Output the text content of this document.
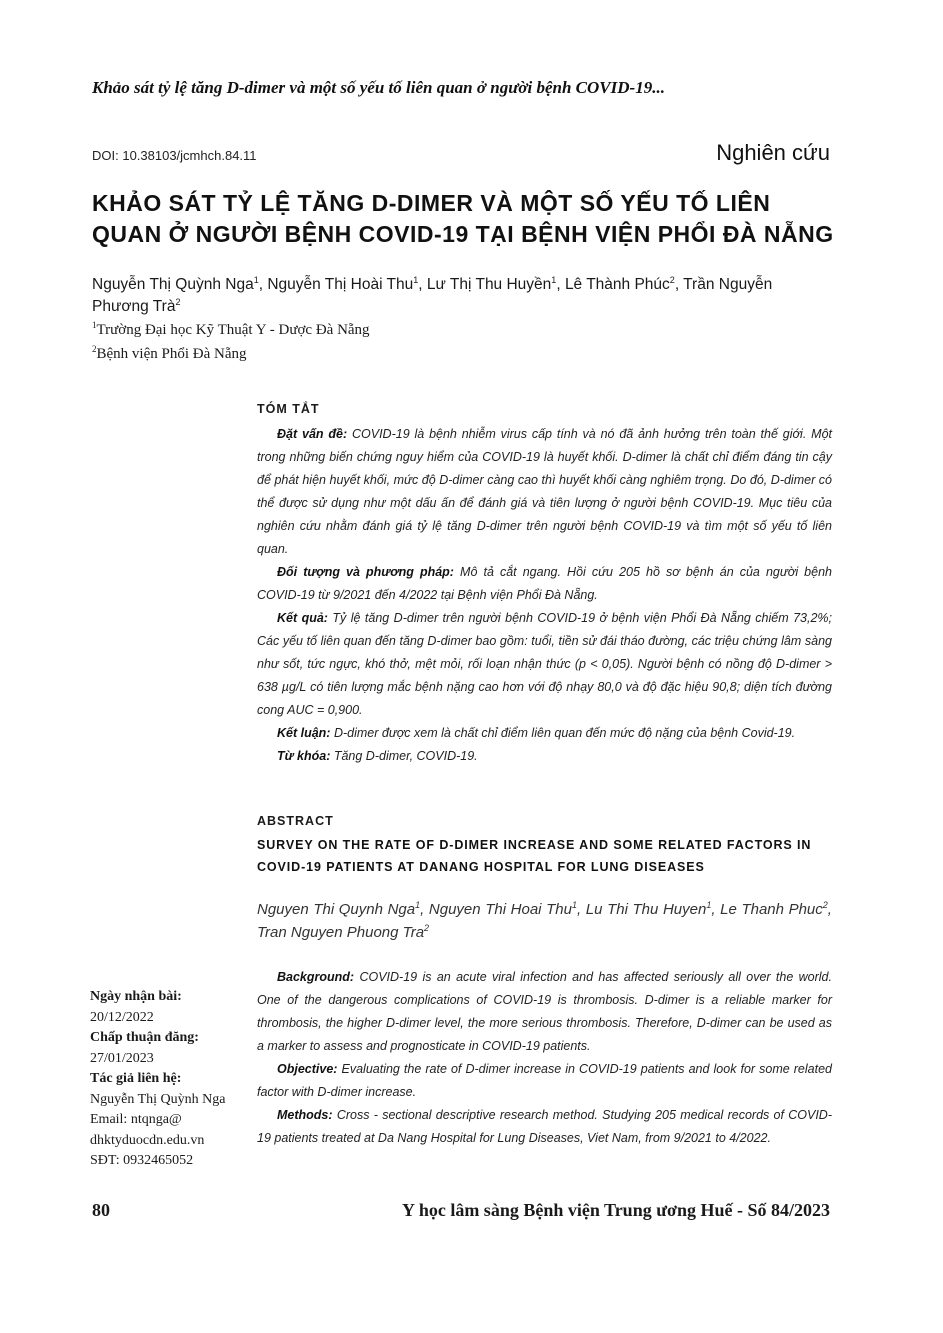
Khảo sát tỷ lệ tăng D-dimer và một số yếu tố liên quan ở người bệnh COVID-19...
DOI: 10.38103/jcmhch.84.11	Nghiên cứu
KHẢO SÁT TỶ LỆ TĂNG D-DIMER VÀ MỘT SỐ YẾU TỐ LIÊN QUAN Ở NGƯỜI BỆNH COVID-19 TẠI BỆNH VIỆN PHỔI ĐÀ NẴNG
Nguyễn Thị Quỳnh Nga$^1$, Nguyễn Thị Hoài Thu$^1$, Lư Thị Thu Huyền$^1$, Lê Thành Phúc$^2$, Trần Nguyễn Phương Trà$^2$
$^1$Trường Đại học Kỹ Thuật Y - Dược Đà Nẵng
$^2$Bệnh viện Phổi Đà Nẵng
TÓM TẮT

Đặt vấn đề: COVID-19 là bệnh nhiễm virus cấp tính và nó đã ảnh hưởng trên toàn thế giới. Một trong những biến chứng nguy hiểm của COVID-19 là huyết khối. D-dimer là chất chỉ điểm đáng tin cậy để phát hiện huyết khối, mức độ D-dimer càng cao thì huyết khối càng nghiêm trọng. Do đó, D-dimer có thể được sử dụng như một dấu ấn để đánh giá và tiên lượng ở người bệnh COVID-19. Mục tiêu của nghiên cứu nhằm đánh giá tỷ lệ tăng D-dimer trên người bệnh COVID-19 và tìm một số yếu tố liên quan.

Đối tượng và phương pháp: Mô tả cắt ngang. Hồi cứu 205 hồ sơ bệnh án của người bệnh COVID-19 từ 9/2021 đến 4/2022 tại Bệnh viện Phổi Đà Nẵng.

Kết quả: Tỷ lệ tăng D-dimer trên người bệnh COVID-19 ở bệnh viện Phổi Đà Nẵng chiếm 73,2%; Các yếu tố liên quan đến tăng D-dimer bao gồm: tuổi, tiền sử đái tháo đường, các triệu chứng lâm sàng như sốt, tức ngực, khó thở, mệt mỏi, rối loạn nhận thức (p < 0,05). Người bệnh có nồng độ D-dimer > 638 µg/L có tiên lượng mắc bệnh nặng cao hơn với độ nhạy 80,0 và độ đặc hiệu 90,8; diện tích đường cong AUC = 0,900.

Kết luận: D-dimer được xem là chất chỉ điểm liên quan đến mức độ nặng của bệnh Covid-19.

Từ khóa: Tăng D-dimer, COVID-19.

ABSTRACT
SURVEY ON THE RATE OF D-DIMER INCREASE AND SOME RELATED FACTORS IN COVID-19 PATIENTS AT DANANG HOSPITAL FOR LUNG DISEASES
Nguyen Thi Quynh Nga$^1$, Nguyen Thi Hoai Thu$^1$, Lu Thi Thu Huyen$^1$, Le Thanh Phuc$^2$, Tran Nguyen Phuong Tra$^2$

Background: COVID-19 is an acute viral infection and has affected seriously all over the world. One of the dangerous complications of COVID-19 is thrombosis. D-dimer is a reliable marker for thrombosis, the higher D-dimer level, the more serious thrombosis. Therefore, D-dimer can be used as a marker to assess and prognosticate in COVID-19 patients.

Objective: Evaluating the rate of D-dimer increase in COVID-19 patients and look for some related factor with D-dimer increase.

Methods: Cross - sectional descriptive research method. Studying 205 medical records of COVID-19 patients treated at Da Nang Hospital for Lung Diseases, Viet Nam, from 9/2021 to 4/2022.

Ngày nhận bài:
20/12/2022
Chấp thuận đăng:
27/01/2023
Tác giả liên hệ:
Nguyễn Thị Quỳnh Nga
Email: ntqnga@
dhktyduocdn.edu.vn
SĐT: 0932465052
80	Y học lâm sàng Bệnh viện Trung ương Huế - Số 84/2023
